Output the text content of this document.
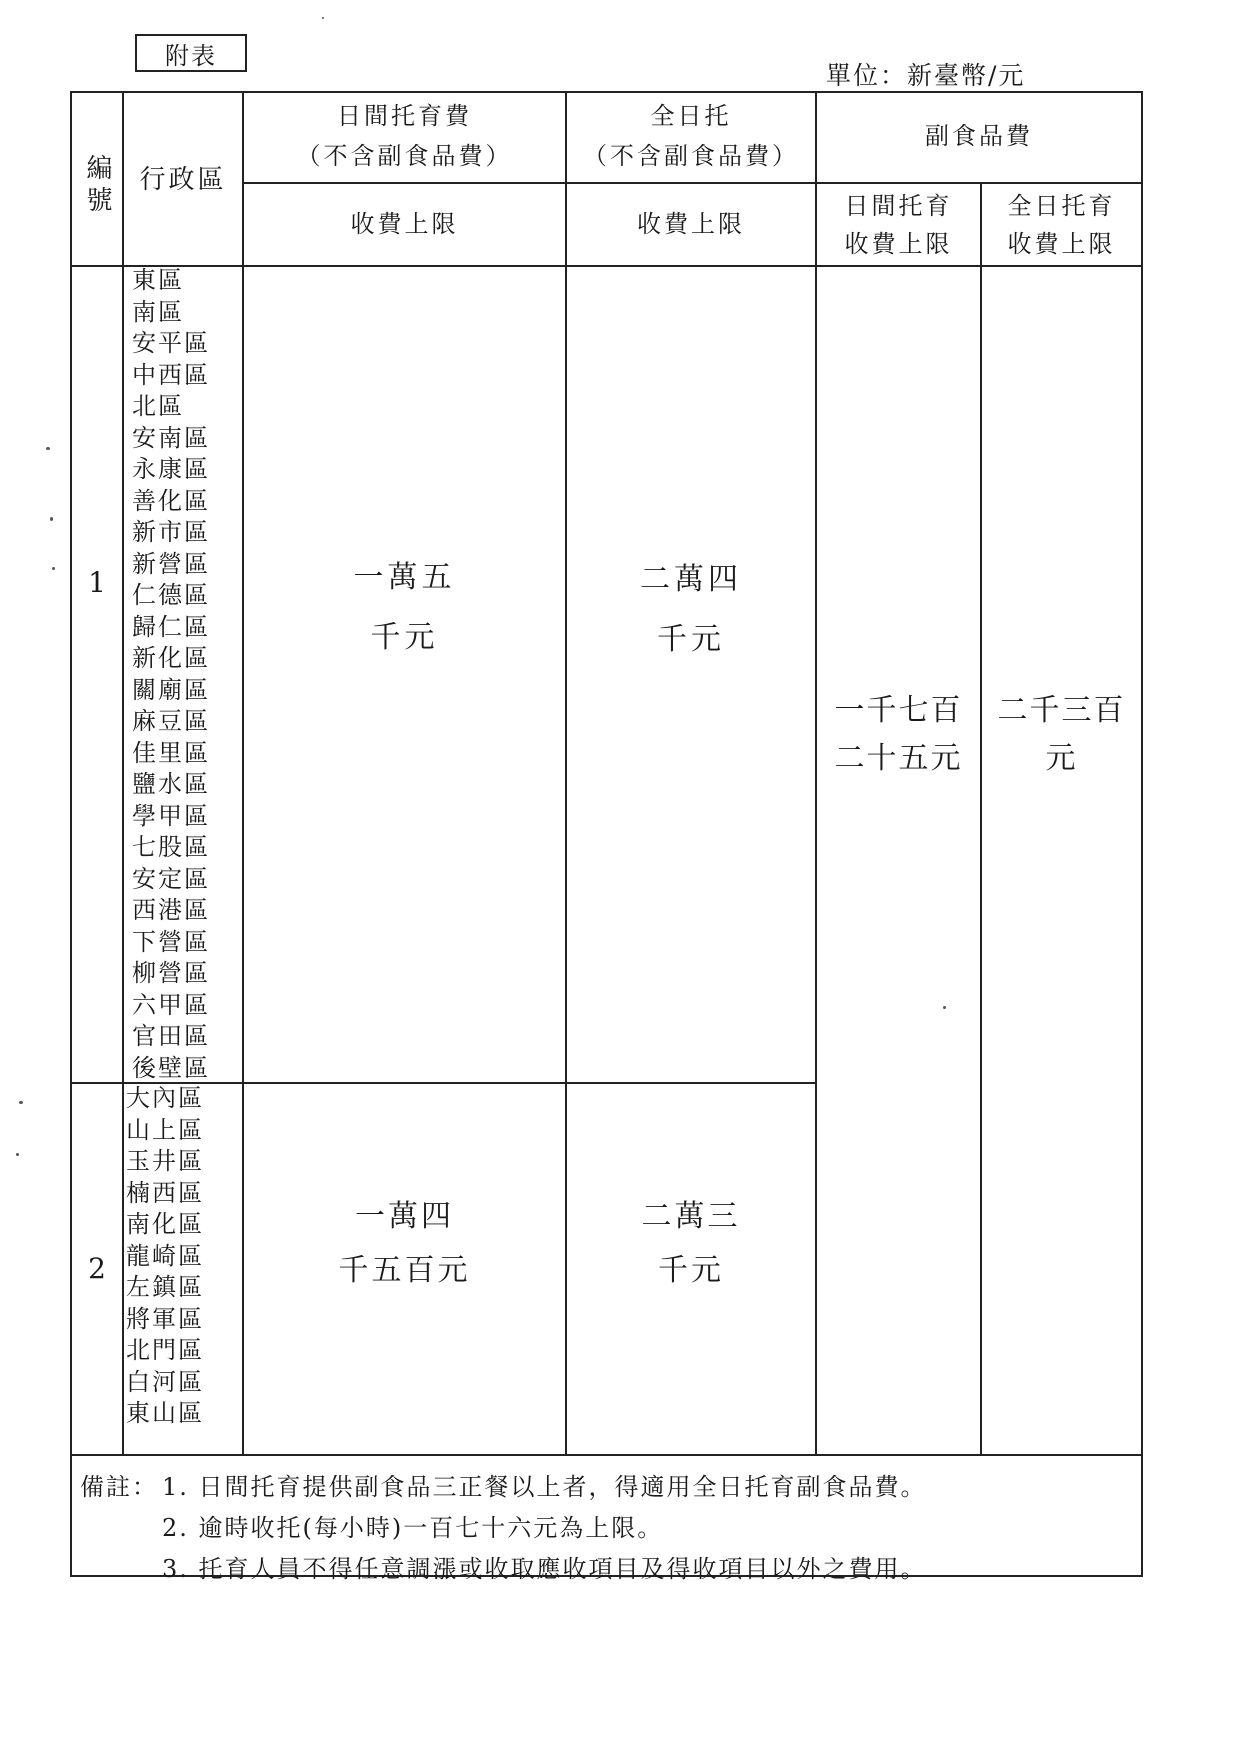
附表
單位：新臺幣/元
編號	行政區
日間托育費
（不含副食品費）
全日托
（不含副食品費）
副食品費
收費上限	收費上限
日間托育
收費上限
全日托育
收費上限
1
東區
南區
安平區
中西區
北區
安南區
永康區
善化區
新市區
新營區
仁德區
歸仁區
新化區
關廟區
麻豆區
佳里區
鹽水區
學甲區
七股區
安定區
西港區
下營區
柳營區
六甲區
官田區
後壁區
一萬五
千元
二萬四
千元
2
大內區
山上區
玉井區
楠西區
南化區
龍崎區
左鎮區
將軍區
北門區
白河區
東山區
一萬四
千五百元
二萬三
千元
一千七百
二十五元
二千三百
元
備註： 1. 日間托育提供副食品三正餐以上者，得適用全日托育副食品費。
2. 逾時收托(每小時)一百七十六元為上限。
3. 托育人員不得任意調漲或收取應收項目及得收項目以外之費用。
